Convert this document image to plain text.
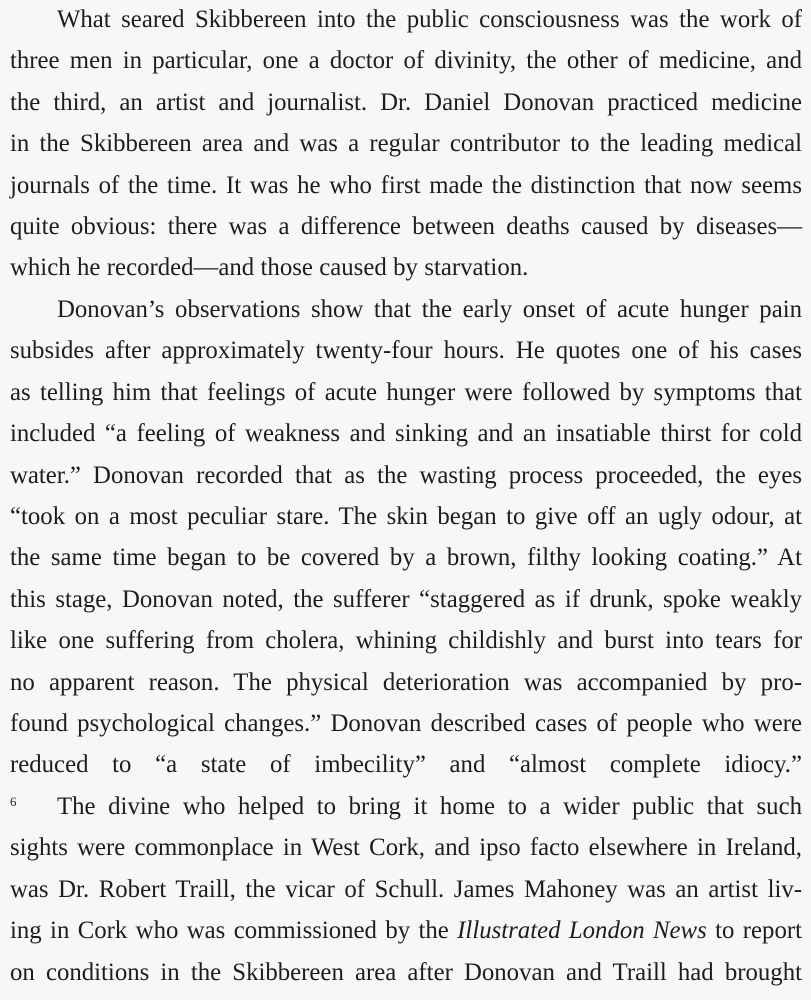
What seared Skibbereen into the public consciousness was the work of
three men in particular, one a doctor of divinity, the other of medicine, and
the third, an artist and journalist. Dr. Daniel Donovan practiced medicine
in the Skibbereen area and was a regular contributor to the leading medical
journals of the time. It was he who first made the distinction that now seems
quite obvious: there was a difference between deaths caused by diseases—
which he recorded—and those caused by starvation.

Donovan’s observations show that the early onset of acute hunger pain
subsides after approximately twenty-four hours. He quotes one of his cases
as telling him that feelings of acute hunger were followed by symptoms that
included “a feeling of weakness and sinking and an insatiable thirst for cold
water.” Donovan recorded that as the wasting process proceeded, the eyes
“took on a most peculiar stare. The skin began to give off an ugly odour, at
the same time began to be covered by a brown, filthy looking coating.” At
this stage, Donovan noted, the sufferer “staggered as if drunk, spoke weakly
like one suffering from cholera, whining childishly and burst into tears for
no apparent reason. The physical deterioration was accompanied by pro-
found psychological changes.” Donovan described cases of people who were
reduced to “a state of imbecility” and “almost complete idiocy.”
$^6$	The divine who helped to bring it home to a wider public that such
sights were commonplace in West Cork, and ipso facto elsewhere in Ireland,
was Dr. Robert Traill, the vicar of Schull. James Mahoney was an artist liv-
ing in Cork who was commissioned by the Illustrated London News to report
on conditions in the Skibbereen area after Donovan and Traill had brought
